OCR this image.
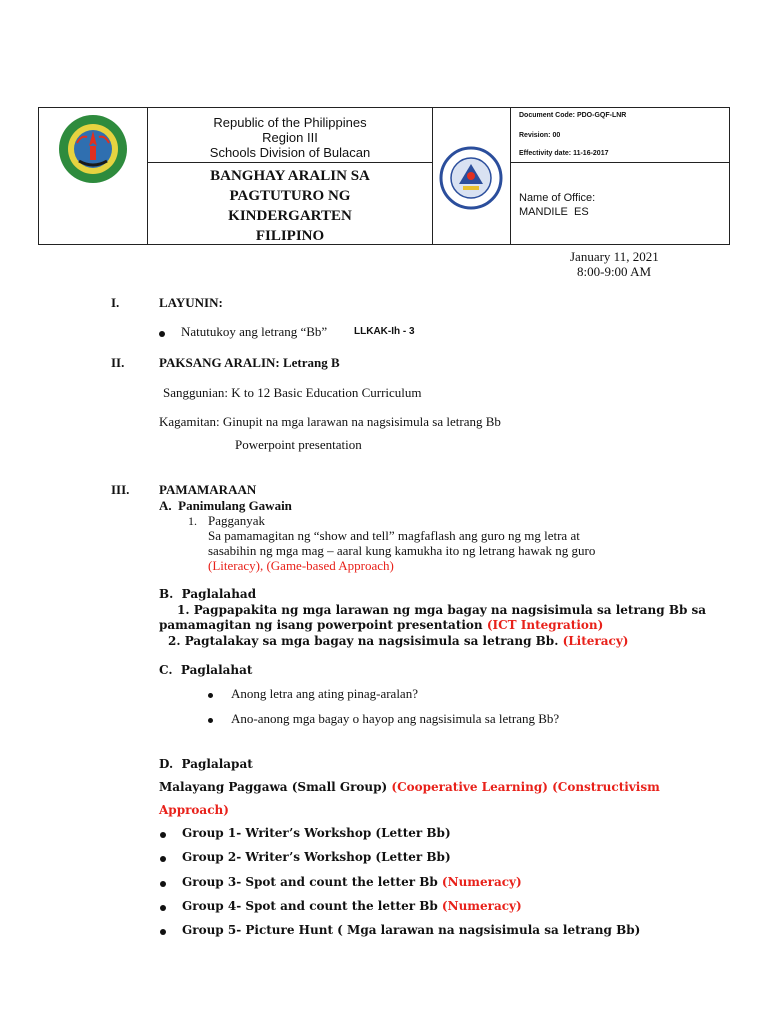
Republic of the Philippines
Region III
Schools Division of Bulacan
BANGHAY ARALIN SA
PAGTUTURO NG
KINDERGARTEN
FILIPINO
Document Code: PDO-GQF-LNR
Revision: 00
Effectivity date: 11-16-2017
Name of Office:
MANDILE  ES
January 11, 2021
8:00-9:00 AM
I.	LAYUNIN:
Natutukoy ang letrang “Bb”	LLKAK-Ih - 3
II.	PAKSANG ARALIN: Letrang B
Sanggunian: K to 12 Basic Education Curriculum
Kagamitan: Ginupit na mga larawan na nagsisimula sa letrang Bb
Powerpoint presentation
III. PAMAMARAAN
A.  Panimulang Gawain
1. Pagganyak
Sa pamamagitan ng “show and tell” magfaflash ang guro ng mg letra at
sasabihin ng mga mag – aaral kung kamukha ito ng letrang hawak ng guro
(Literacy), (Game-based Approach)
B.  Paglalahad
1. Pagpapakita ng mga larawan ng mga bagay na nagsisimula sa letrang Bb sa
pamamagitan ng isang powerpoint presentation (ICT Integration)
2. Pagtalakay sa mga bagay na nagsisimula sa letrang Bb. (Literacy)
C.  Paglalahat
Anong letra ang ating pinag-aralan?
Ano-anong mga bagay o hayop ang nagsisimula sa letrang Bb?
D.  Paglalapat
Malayang Paggawa (Small Group) (Cooperative Learning) (Constructivism
Approach)
Group 1- Writer’s Workshop (Letter Bb)
Group 2- Writer’s Workshop (Letter Bb)
Group 3- Spot and count the letter Bb (Numeracy)
Group 4- Spot and count the letter Bb (Numeracy)
Group 5- Picture Hunt ( Mga larawan na nagsisimula sa letrang Bb)
